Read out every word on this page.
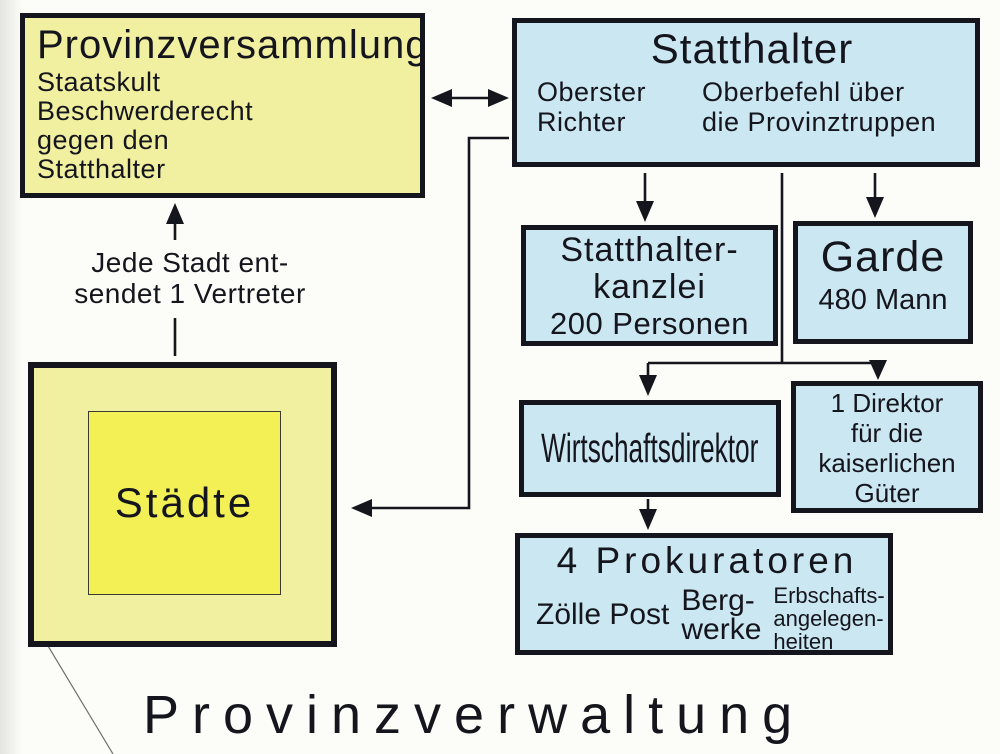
Provinzversammlung
Staatskult
Beschwerderecht
gegen den
Statthalter
Statthalter
Oberster
Richter
Oberbefehl über
die Provinztruppen
Statthalter-
kanzlei
200 Personen
Garde
480 Mann
Wirtschaftsdirektor
1 Direktor
für die
kaiserlichen
Güter
4 Prokuratoren
Zölle Post Berg-
werke
Erbschafts-
angelegen-
heiten
Städte
Jede Stadt ent-
sendet 1 Vertreter
Provinzverwaltung
